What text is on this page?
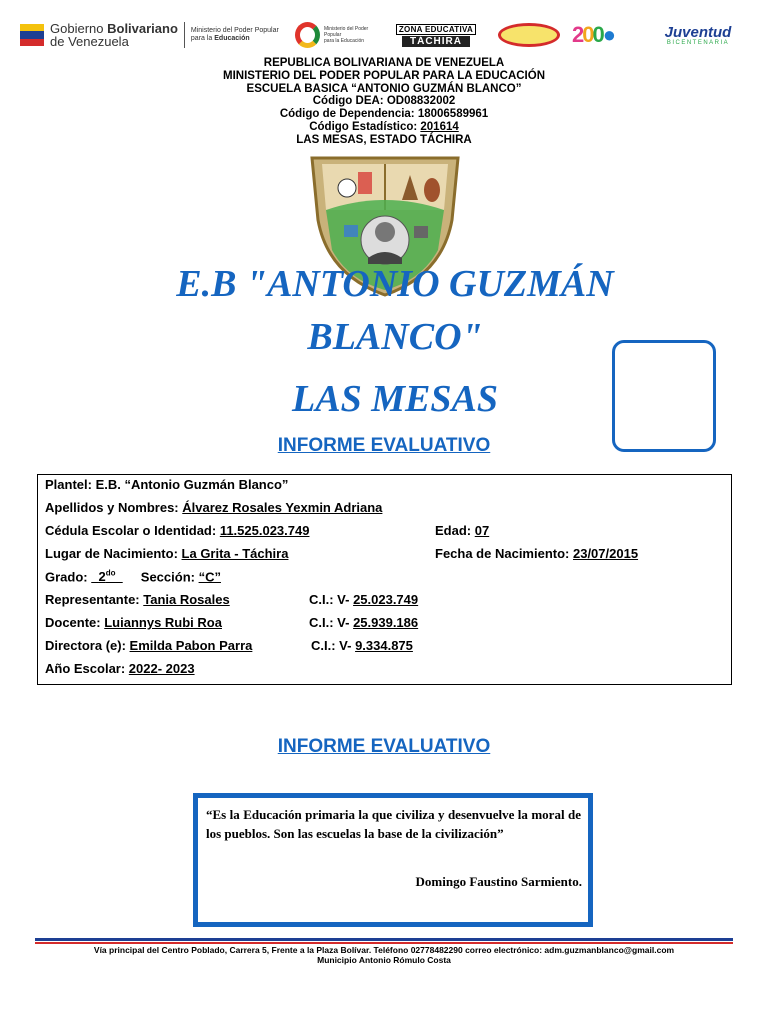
Gobierno Bolivariano
de Venezuela
Ministerio del Poder Popular
para la Educación
Ministerio del Poder Popular
para la Educación
ZONA EDUCATIVA
TÁCHIRA	2 0 0 ●	Juventud
BICENTENARIA
REPUBLICA BOLIVARIANA DE VENEZUELA
MINISTERIO DEL PODER POPULAR PARA LA EDUCACIÓN
ESCUELA BASICA “ANTONIO GUZMÁN BLANCO”
Código DEA: OD08832002
Código de Dependencia: 18006589961
Código Estadístico: 201614
LAS MESAS, ESTADO TÁCHIRA
E.B "ANTONIO GUZMÁN
BLANCO"
LAS MESAS
INFORME EVALUATIVO
Plantel: E.B. “Antonio Guzmán Blanco”
Apellidos y Nombres: Álvarez Rosales Yexmin Adriana
Cédula Escolar o Identidad: 11.525.023.749	Edad: 07
Lugar de Nacimiento: La Grita - Táchira	Fecha de Nacimiento: 23/07/2015
Grado:   $2^{do}$ Sección: “C”
Representante: Tania Rosales	C.I.: V- 25.023.749
Docente: Luiannys Rubi Roa	C.I.: V- 25.939.186
Directora (e): Emilda Pabon Parra	C.I.: V- 9.334.875
Año Escolar: 2022- 2023
INFORME EVALUATIVO
“Es la Educación primaria la que civiliza y desenvuelve la moral de los pueblos. Son las escuelas la base de la civilización”
Domingo Faustino Sarmiento.
Vía principal del Centro Poblado, Carrera 5, Frente a la Plaza Bolívar. Teléfono 02778482290 correo electrónico: adm.guzmanblanco@gmail.com
Municipio Antonio Rómulo Costa
